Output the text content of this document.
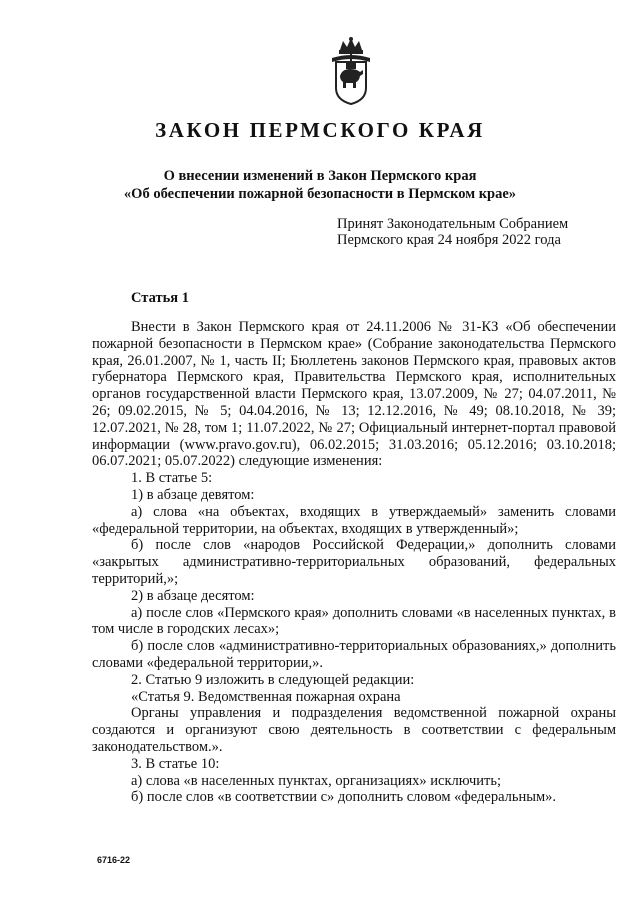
ЗАКОН ПЕРМСКОГО КРАЯ
О внесении изменений в Закон Пермского края
«Об обеспечении пожарной безопасности в Пермском крае»
Принят Законодательным Собранием
Пермского края 24 ноября 2022 года
Статья 1

Внести в Закон Пермского края от 24.11.2006 № 31-КЗ «Об обеспечении пожарной безопасности в Пермском крае» (Собрание законодательства Пермского края, 26.01.2007, № 1, часть II; Бюллетень законов Пермского края, правовых актов губернатора Пермского края, Правительства Пермского края, исполнительных органов государственной власти Пермского края, 13.07.2009, № 27; 04.07.2011, № 26; 09.02.2015, № 5; 04.04.2016, № 13; 12.12.2016, № 49; 08.10.2018, № 39; 12.07.2021, № 28, том 1; 11.07.2022, № 27; Официальный интернет-портал правовой информации (www.pravo.gov.ru), 06.02.2015; 31.03.2016; 05.12.2016; 03.10.2018; 06.07.2021; 05.07.2022) следующие изменения:

1. В статье 5:

1) в абзаце девятом:

а) слова «на объектах, входящих в утверждаемый» заменить словами «федеральной территории, на объектах, входящих в утвержденный»;

б) после слов «народов Российской Федерации,» дополнить словами «закрытых административно-территориальных образований, федеральных территорий,»;

2) в абзаце десятом:

а) после слов «Пермского края» дополнить словами «в населенных пунктах, в том числе в городских лесах»;

б) после слов «административно-территориальных образованиях,» дополнить словами «федеральной территории,».

2. Статью 9 изложить в следующей редакции:

«Статья 9. Ведомственная пожарная охрана

Органы управления и подразделения ведомственной пожарной охраны создаются и организуют свою деятельность в соответствии с федеральным законодательством.».

3. В статье 10:

а) слова «в населенных пунктах, организациях» исключить;

б) после слов «в соответствии с» дополнить словом «федеральным».

6716-22
